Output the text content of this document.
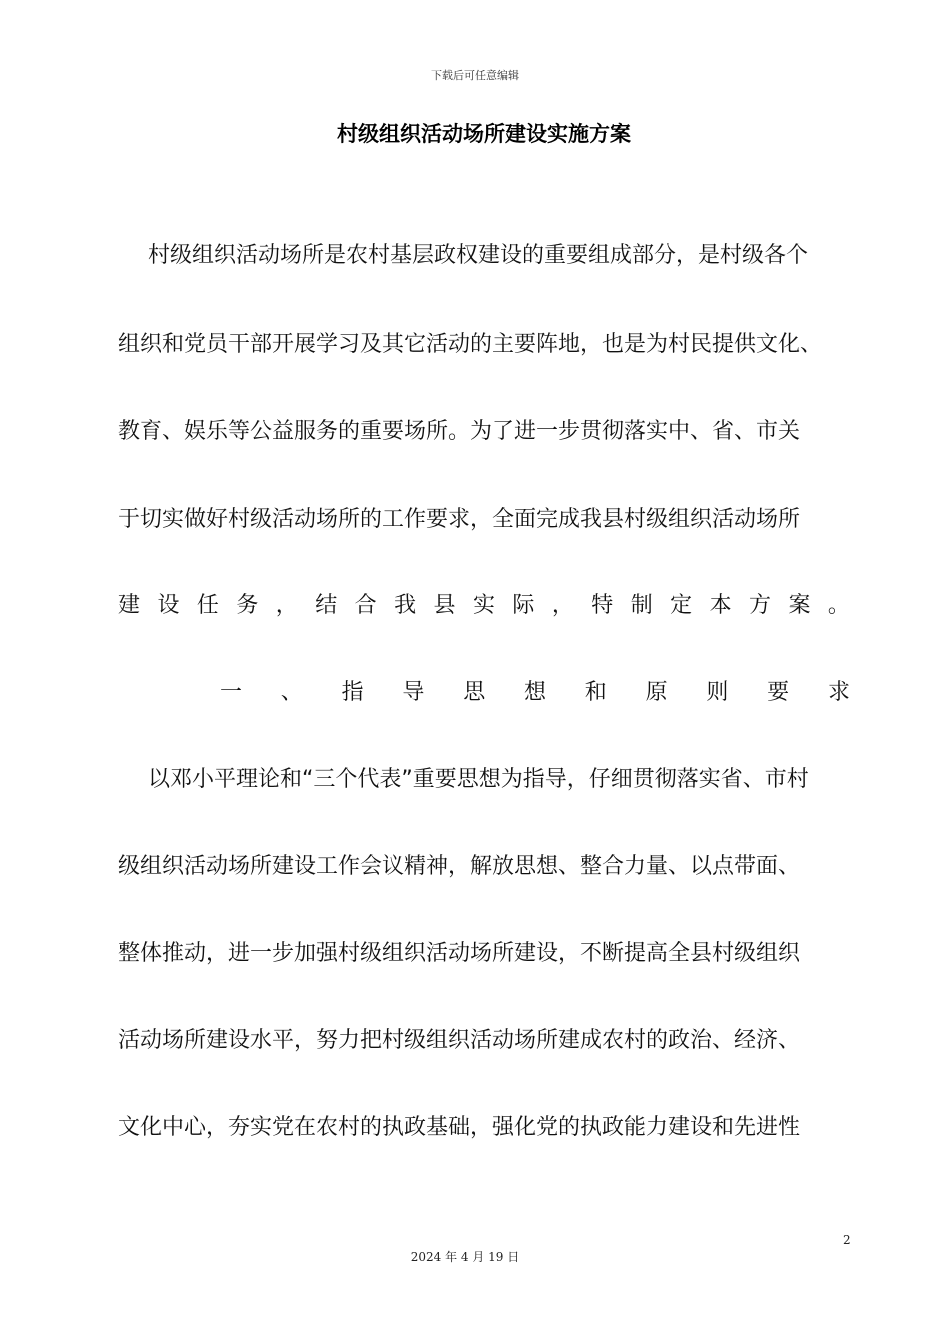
下载后可任意编辑
村级组织活动场所建设实施方案
村级组织活动场所是农村基层政权建设的重要组成部分，是村级各个
组织和党员干部开展学习及其它活动的主要阵地，也是为村民提供文化、
教育、娱乐等公益服务的重要场所。为了进一步贯彻落实中、省、市关
于切实做好村级活动场所的工作要求，全面完成我县村级组织活动场所
建 设 任 务 ， 结 合 我 县 实 际 ， 特 制 定 本 方 案 。
一 、 指 导 思 想 和 原 则 要 求
以邓小平理论和“三个代表”重要思想为指导，仔细贯彻落实省、市村
级组织活动场所建设工作会议精神，解放思想、整合力量、以点带面、
整体推动，进一步加强村级组织活动场所建设，不断提高全县村级组织
活动场所建设水平，努力把村级组织活动场所建成农村的政治、经济、
文化中心，夯实党在农村的执政基础，强化党的执政能力建设和先进性
2
2024 年 4 月 19 日
